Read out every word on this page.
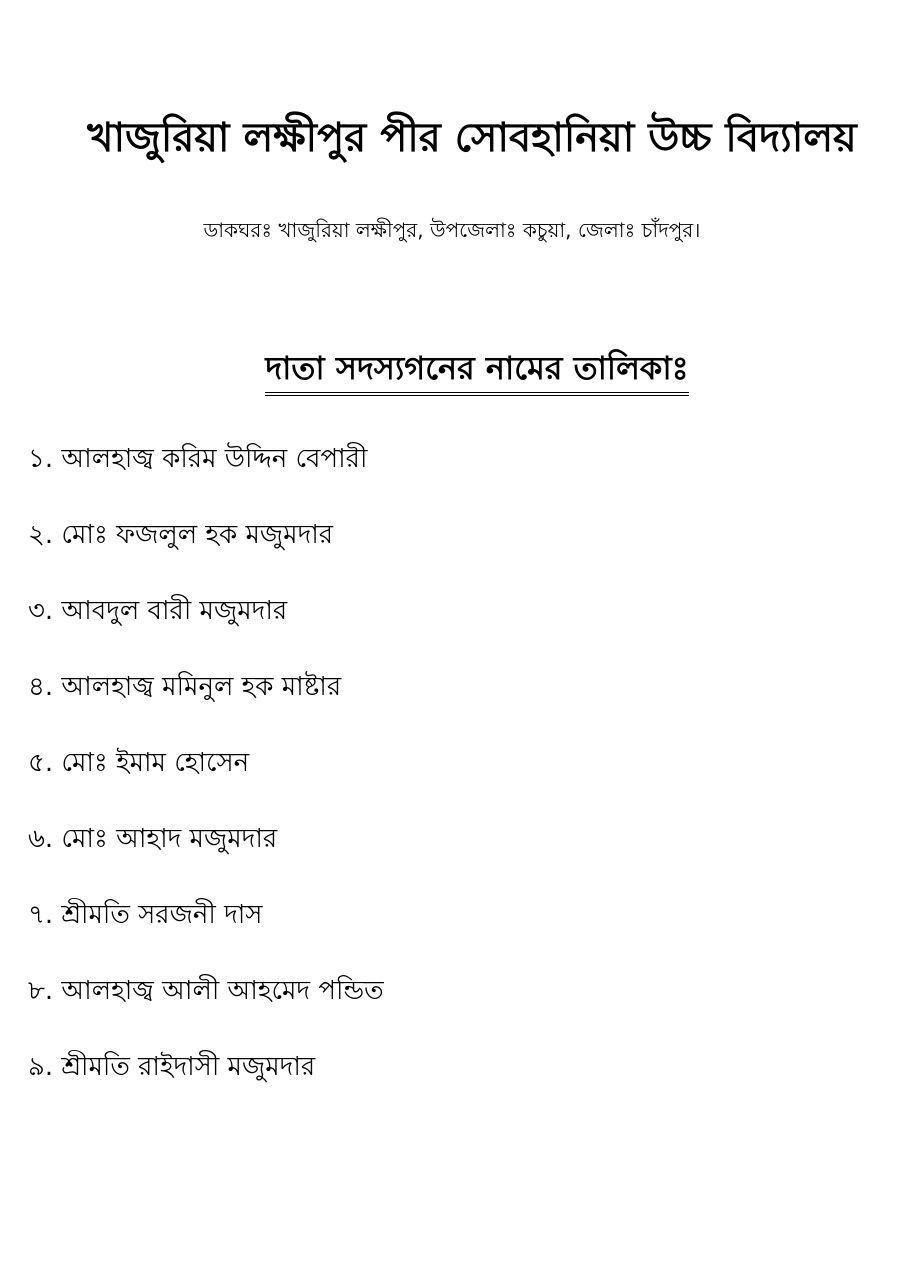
খাজুরিয়া লক্ষীপুর পীর সোবহানিয়া উচ্চ বিদ্যালয়
ডাকঘরঃ খাজুরিয়া লক্ষীপুর, উপজেলাঃ কচুয়া, জেলাঃ চাঁদপুর।
দাতা সদস্যগনের নামের তালিকাঃ
১. আলহাজ্ব করিম উদ্দিন বেপারী
২. মোঃ ফজলুল হক মজুমদার
৩. আবদুল বারী মজুমদার
৪. আলহাজ্ব মমিনুল হক মাষ্টার
৫. মোঃ ইমাম হোসেন
৬. মোঃ আহাদ মজুমদার
৭. শ্রীমতি সরজনী দাস
৮. আলহাজ্ব আলী আহমেদ পন্ডিত
৯. শ্রীমতি রাইদাসী মজুমদার
